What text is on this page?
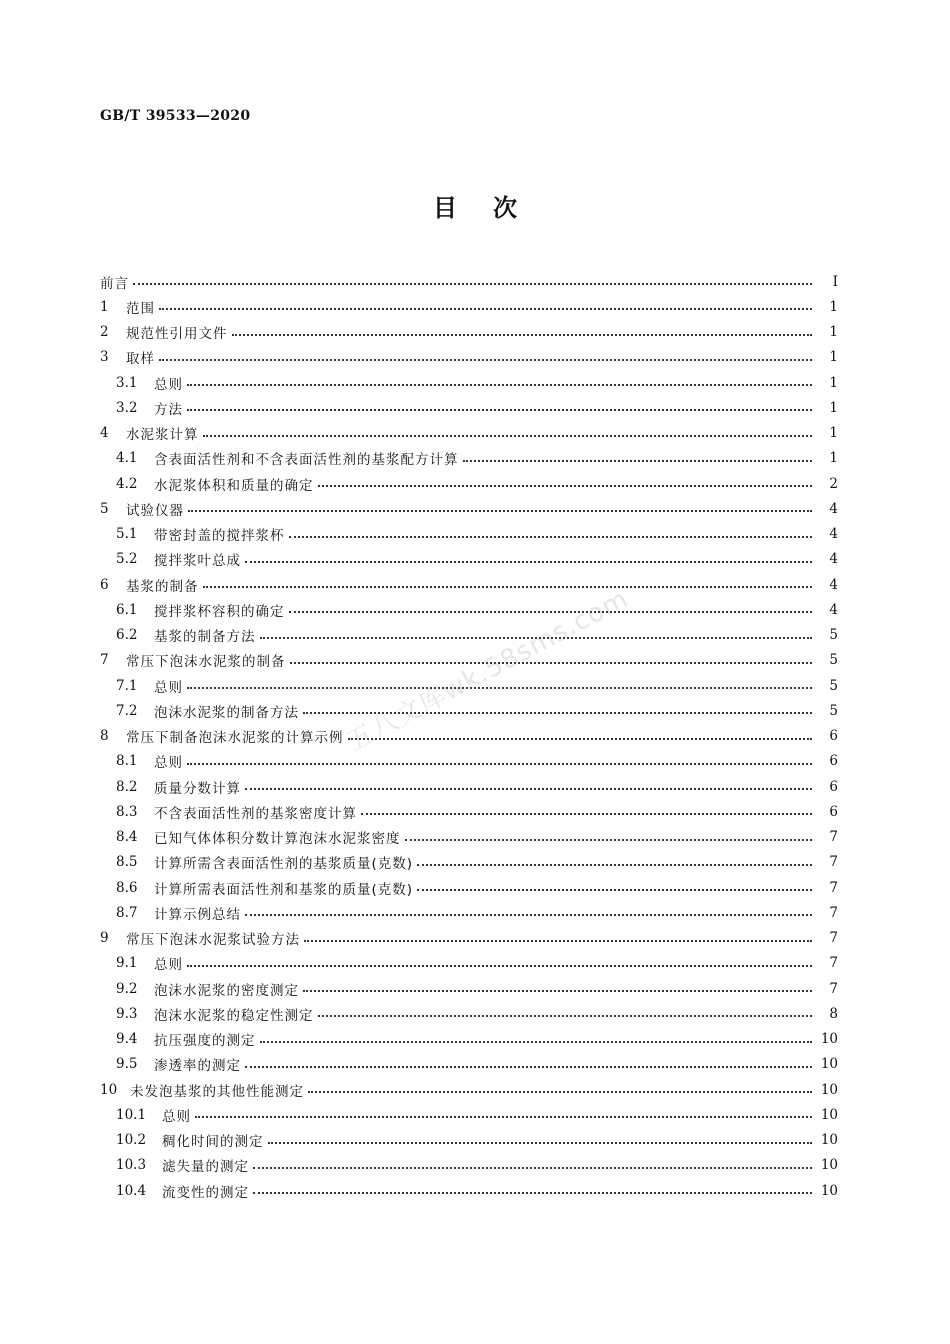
GB/T 39533—2020
目次
前言	I
1	范围	1
2	规范性引用文件	1
3	取样	1
3.1	总则	1
3.2	方法	1
4	水泥浆计算	1
4.1	含表面活性剂和不含表面活性剂的基浆配方计算	1
4.2	水泥浆体积和质量的确定	2
5	试验仪器	4
5.1	带密封盖的搅拌浆杯	4
5.2	搅拌浆叶总成	4
6	基浆的制备	4
6.1	搅拌浆杯容积的确定	4
6.2	基浆的制备方法	5
7	常压下泡沫水泥浆的制备	5
7.1	总则	5
7.2	泡沫水泥浆的制备方法	5
8	常压下制备泡沫水泥浆的计算示例	6
8.1	总则	6
8.2	质量分数计算	6
8.3	不含表面活性剂的基浆密度计算	6
8.4	已知气体体积分数计算泡沫水泥浆密度	7
8.5	计算所需含表面活性剂的基浆质量(克数)	7
8.6	计算所需表面活性剂和基浆的质量(克数)	7
8.7	计算示例总结	7
9	常压下泡沫水泥浆试验方法	7
9.1	总则	7
9.2	泡沫水泥浆的密度测定	7
9.3	泡沫水泥浆的稳定性测定	8
9.4	抗压强度的测定	10
9.5	渗透率的测定	10
10 未发泡基浆的其他性能测定	10
10.1	总则	10
10.2	稠化时间的测定	10
10.3	滤失量的测定	10
10.4	流变性的测定	10
五八文库wk.58sms.com
